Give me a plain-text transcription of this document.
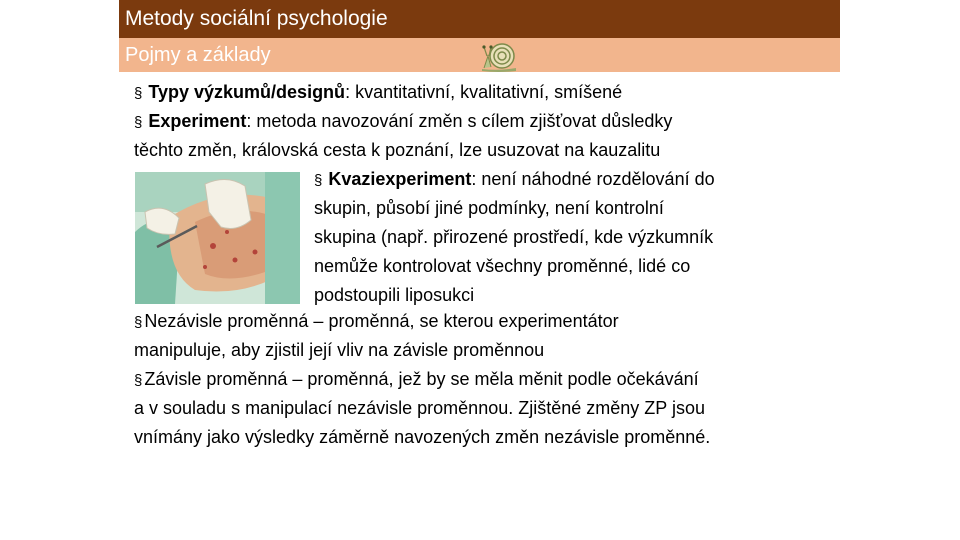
Metody sociální psychologie
Pojmy a základy
§ Typy výzkumů/designů: kvantitativní, kvalitativní, smíšené
§ Experiment: metoda navozování změn s cílem zjišťovat důsledky
těchto změn, královská cesta k poznání, lze usuzovat na kauzalitu
§ Kvaziexperiment: není náhodné rozdělování do
skupin, působí jiné podmínky, není kontrolní
skupina (např. přirozené prostředí, kde výzkumník
nemůže kontrolovat všechny proměnné, lidé co
podstoupili liposukci
§ Nezávisle proměnná – proměnná, se kterou experimentátor
manipuluje, aby zjistil její vliv na závisle proměnnou
§ Závisle proměnná – proměnná, jež by se měla měnit podle očekávání
a v souladu s manipulací nezávisle proměnnou. Zjištěné změny ZP jsou
vnímány jako výsledky záměrně navozených změn nezávisle proměnné.
